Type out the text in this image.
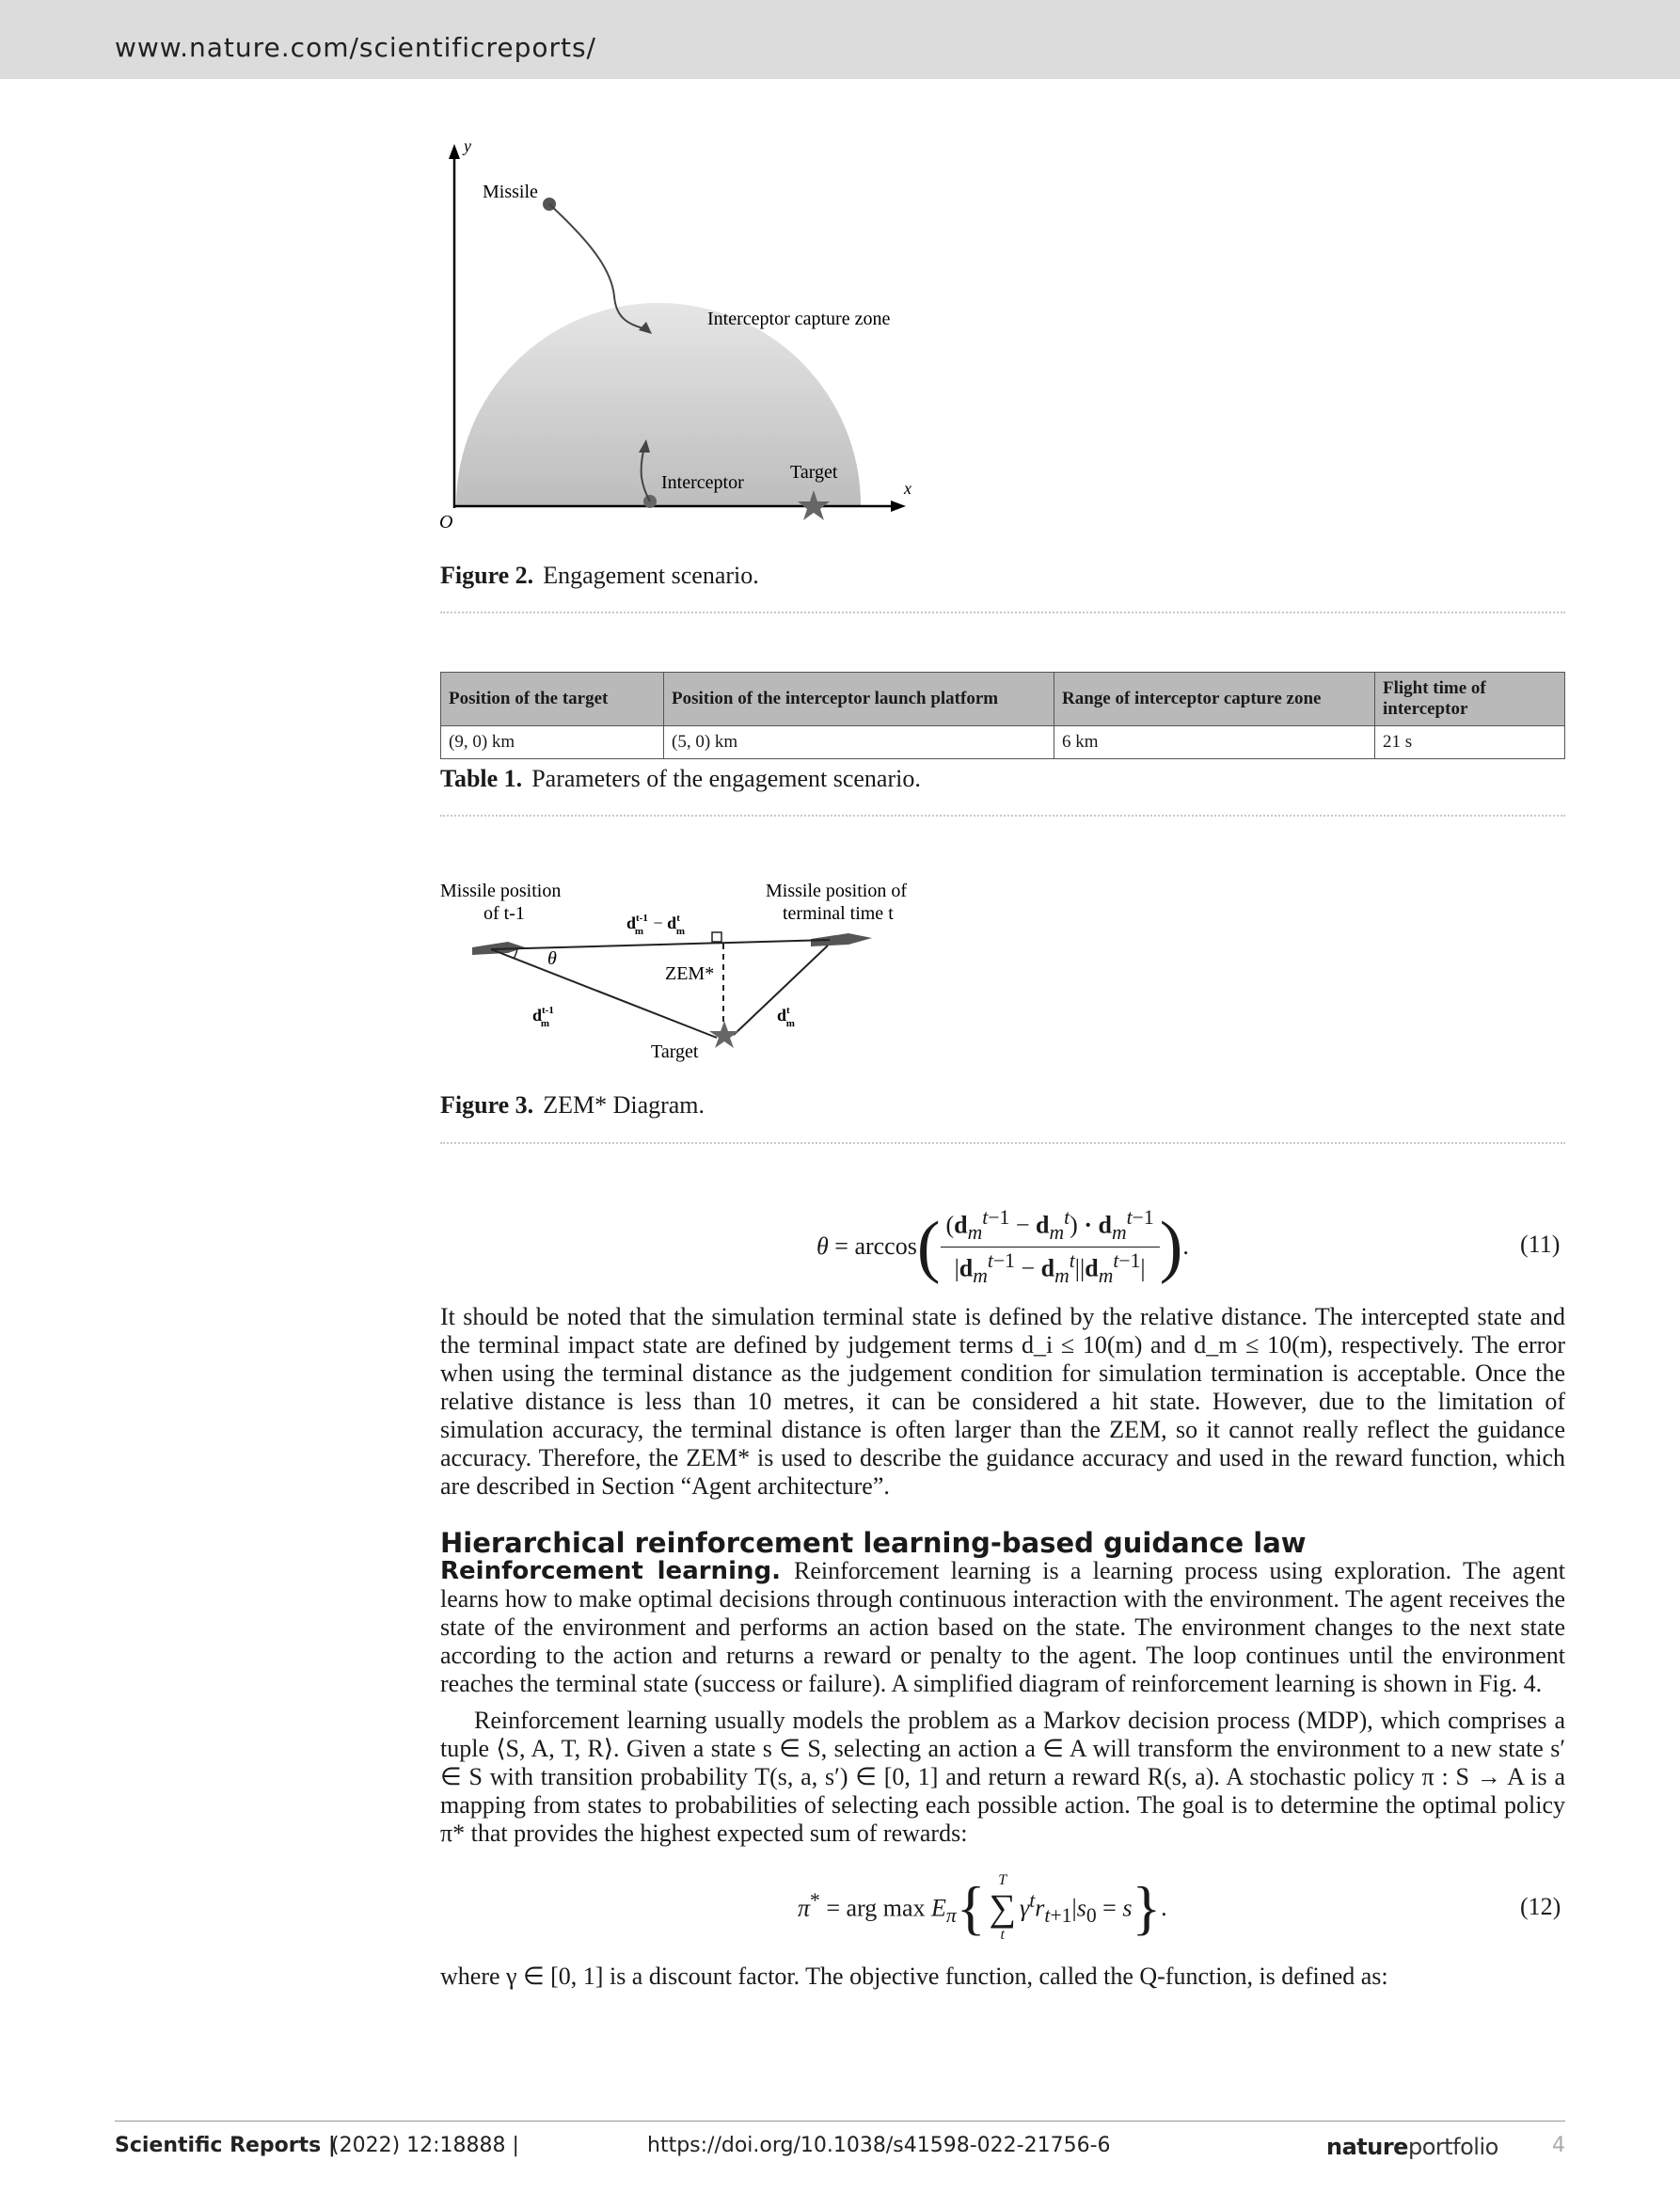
www.nature.com/scientificreports/
y
x
O
Missile
Interceptor capture zone
Interceptor Target
Figure 2. Engagement scenario.
Position of the target	Position of the interceptor launch platform	Range of interceptor capture zone	Flight time of interceptor
(9, 0) km	(5, 0) km	6 km	21 s
Table 1. Parameters of the engagement scenario.
Missile position
of t-1
Missile position of
terminal time t
$d^{t-1}$ $m - d^t$ m
θ
ZEM*
$d^{t-1}$ m	$d^t$ m
Target
Figure 3. ZEM* Diagram.
θ = arccos ( $\frac{(d_m^{t-1} - d_m^t) \cdot d_m^{t-1}}{|d_m^{t-1} - d_m^t||d_m^{t-1}|}$ ) .	(11)

It should be noted that the simulation terminal state is defined by the relative distance. The intercepted state and the terminal impact state are defined by judgement terms d_i ≤ 10(m) and d_m ≤ 10(m), respectively. The error when using the terminal distance as the judgement condition for simulation termination is acceptable. Once the relative distance is less than 10 metres, it can be considered a hit state. However, due to the limitation of simulation accuracy, the terminal distance is often larger than the ZEM, so it cannot really reflect the guidance accuracy. Therefore, the ZEM* is used to describe the guidance accuracy and used in the reward function, which are described in Section “Agent architecture”.

Hierarchical reinforcement learning-based guidance law

Reinforcement learning. Reinforcement learning is a learning process using exploration. The agent learns how to make optimal decisions through continuous interaction with the environment. The agent receives the state of the environment and performs an action based on the state. The environment changes to the next state according to the action and returns a reward or penalty to the agent. The loop continues until the environment reaches the terminal state (success or failure). A simplified diagram of reinforcement learning is shown in Fig. 4.

Reinforcement learning usually models the problem as a Markov decision process (MDP), which comprises a tuple ⟨S, A, T, R⟩. Given a state s ∈ S, selecting an action a ∈ A will transform the environment to a new state s′ ∈ S with transition probability T(s, a, s′) ∈ [0, 1] and return a reward R(s, a). A stochastic policy π : S → A is a mapping from states to probabilities of selecting each possible action. The goal is to determine the optimal policy π* that provides the highest expected sum of rewards:

π* = arg $\max E_\pi$ { T
∑
t
$\gamma^tr_{t+1}|s_0 = s$ } .	(12)

where γ ∈ [0, 1] is a discount factor. The objective function, called the Q-function, is defined as:

Scientific Reports |
(2022) 12:18888 |	https://doi.org/10.1038/s41598-022-21756-6	natureportfolio	4
